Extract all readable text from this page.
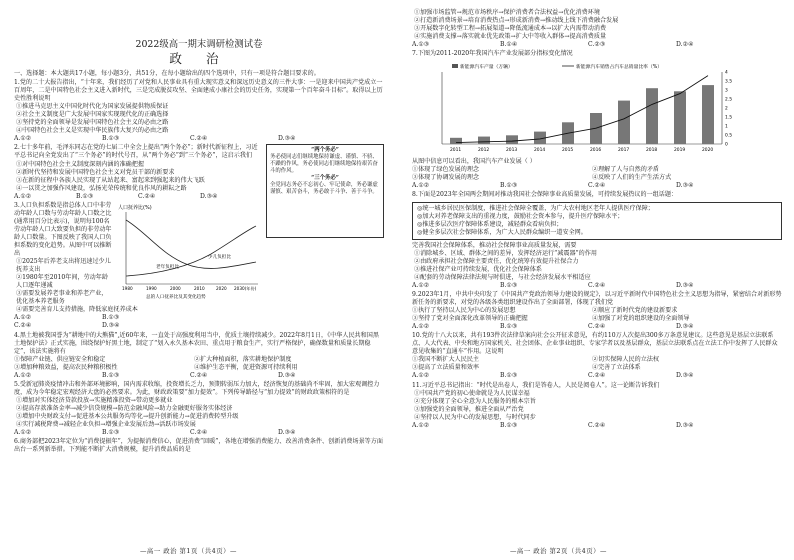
2022级高一期末调研检测试卷
政 治
一、选择题：本大题共17小题，每小题3分，共51分，在每小题给出的四个选项中，只有一项是符合题目要求的。
1.党的二十大报告指出，“十年来，我们经历了对党和人民事业具有重大现实意义和深远历史意义的三件大事：一是迎来中国共产党成立一百周年，二是中国特色社会主义进入新时代，三是完成脱贫攻坚、全面建成小康社会的历史任务，实现第一个百年奋斗目标”。取得以上历史性胜利说明
①推进马克思主义中国化时代化为国家发展提供物质保证
②社会主义制度是广大发展中国家实现现代化的正确选择
③坚持党的全面领导是发展中国特色社会主义的必由之路
④中国特色社会主义是实现中华民族伟大复兴的必由之路
A.①②	B.①③	C.②④	D.③④
“两个务必”
务必使同志们继续地保持谦虚、谨慎、不骄、不躁的作风，务必使同志们继续地保持艰苦奋斗的作风。
“三个务必”
全党同志务必不忘初心、牢记使命，务必谦虚谨慎、艰苦奋斗，务必敢于斗争、善于斗争。
2.七十多年前，毛泽东同志在党的七届二中全会上提出“两个务必”；新时代新征程上，习近平总书记向全党发出了“三个务必”的时代号召，从“两个务必”到“三个务必”，这启示我们
①对中国特色社会主义制度深刻内涵的准确把握
②新时代坚持和发展中国特色社会主义对党员干部的新要求
③在新的征程中各族人民实现了从站起来、富起来到强起来的伟大飞跃
④一以贯之加强作风建设，弘扬光荣传统和优良作风的耕耘之路
A.①②	B.①③	C.②④	D.③④
人口抚养比(%)
少儿负担比
老年负担比
1980	1990	2000	2010	2020 2030(年份)
总的人口抚养比及其变化趋势
3.人口负担系数是指总体人口中非劳动年龄人口数与劳动年龄人口数之比(通常用百分比表示)，说明每100名劳动年龄人口大致要负担的非劳动年龄人口数量。下图反映了我国人口负担系数的变化趋势。从图中可以推断出
①2025年后养老支出将迅速过少儿抚养支出
②1980年至2010年间，劳动年龄人口逐年递减
③需要发展养老事业和养老产业，优化基本养老服务
④需要完善育儿支持措施，降低家庭抚养成本
A.①②	B.①③
C.②④	D.③④
4.黑土地被我国誉为“耕地中的大熊猫”,近60年来，一直处于高强度利用当中，优质土壤持续减少。2022年8月1日，《中华人民共和国黑土地保护法》正式实施，围绕保护好黑土地，制定了“划入永久基本农田、重点用于粮食生产，实行严格保护，确保数量和质量长期稳定”，该法实施将有
①保障产业链、供应链安全和稳定	②扩大种植面积，落实耕地保护制度
③增加种粮效益，提高农民种粮积极性	④维护生态平衡，促进资源可持续利用
A.①②	B.①③	C.②④	D.③④
5.受新冠肺炎疫情冲击和外部环境影响，国内需求收缩，投资增长乏力，预期转弱压力加大，经济恢复的基础尚不牢固，加大宏观调控力度，成为今年稳定宏观经济大盘的必然要求。为此，财政政策要“加力提效”。下列传导路径与“加力提效”的财政政策相符的是
①增加对实体经济贷款投放→实施精准投资→带动更多就业
②提高存款准备金率→减少信贷规模→防范金融风险→助力金融更好服务实体经济
③增加中央财政支付→促进基本公共服务均等化→提升创新能力→促进消费转型升级
④实行减税降费→减轻企业负担→增强企业发展后劲→活跃市场发展
A.①②	B.①③	C.②④	D.③④
6.商务部把2023年定位为“消费提振年”，为提振消费信心，促进消费“回暖”，各地在增强消费能力、改善消费条件、创新消费场景等方面出台一系列新举措。下列能不断扩大消费规模，提升消费品质的是
①加强市场监管→规范市场秩序→保护消费者合法权益→优化消费环境
②打造新消费场景→培育消费热点→形成新消费→推动线上线下消费融合发展
③开展数字化转型工程→拓展渠道→降低流通成本→以扩大内需带动消费
④实施消费支撑→落实就业优先政策→扩大中等收入群体→提高消费质量
A.①③	B.①④	C.②③	D.②④
7.下图为2011-2020年我国汽车产业发展部分指标变化情况
新能源汽车产量（万辆）	新能源汽车销售占汽车总销量比率（%）
2011	2012	2013	2014	2015	2016	2017	2018	2019	2020
0
0.5
1
1.5
2
2.5
3
3.5
4
从图中信息可以看出，我国汽车产业发展（ ）
①体现了绿色发展的理念	②理解了人与自然的矛盾
③体现了协调发展的理念	④反映了人们的生产生活方式
A.①②	B.①③	C.②④	D.③④
8.下面是2023年全国两会期间对推动我国社会保障事业高质量发展，可持续发展热议的一组话题：
◎统一城乡居民医保制度，推进社会保障全覆盖，为广大农村地区老年人提供医疗保障；
◎加大对养老保障支出的重视力度，鼓励社会资本参与，提升医疗保障水平；
◎推进多层次医疗保障体系建设，减轻群众看病负担；
◎健全多层次社会保障体系，为广大人民群众编织一道安全网。
完善我国社会保障体系，推动社会保障事业高质量发展，需要
①消除城乡、区域、群体之间的差异，发挥经济运行“减震器”的作用
②由政府承担社会保障主要责任，优化统筹有效提升社保合力
③推进社保产业可持续发展，优化社会保障体系
④配套的劳动保障法律法规与时俱进，与社会经济发展水平相适应
A.①②	B.①③	C.②④	D.③④
9.2023年1月，中共中央印发了《中国共产党政治领导力建设的规定》，以习近平新时代中国特色社会主义思想为指导，紧密结合对新形势新任务的新要求，对党的各级各类组织建设作出了全面部署，体现了我们党
①执行了坚持以人民为中心的发展思想	②顺应了新时代党的建设新要求
③坚持了党对全面深化改革领导的正确把握	④加强了对党的组织建设的全面领导
A.①②	B.①③	C.②④	D.③④
10.党的十八大以来，共有193件次法律草案向社会公开征求意见，有约110万人次提出300多万条意见建议。这些意见是基层立法联系点、人大代表、中央和地方国家机关、社会团体、企业事业组织、专家学者以及基层群众，基层立法联系点在立法工作中发挥了人民群众意见收集的“直通车”作用。这说明
①我国不断扩大人民民主	②切实保障人民的立法权
③提高了立法质量和效率	④完善了立法体系
A.①②	B.①③	C.②④	D.③④
11.习近平总书记指出：“时代是出卷人，我们是答卷人，人民是阅卷人”。这一论断告诉我们
①中国共产党的初心使命就是为人民谋幸福
②充分体现了全心全意为人民服务的根本宗旨
③加强党的全面领导，推进全面从严治党
④坚持以人民为中心的发展思想，与时代同步
A.①②	B.①③	C.②④	D.③④
—高一 政治 第1页（共4页）—	—高一 政治 第2页（共4页）—
